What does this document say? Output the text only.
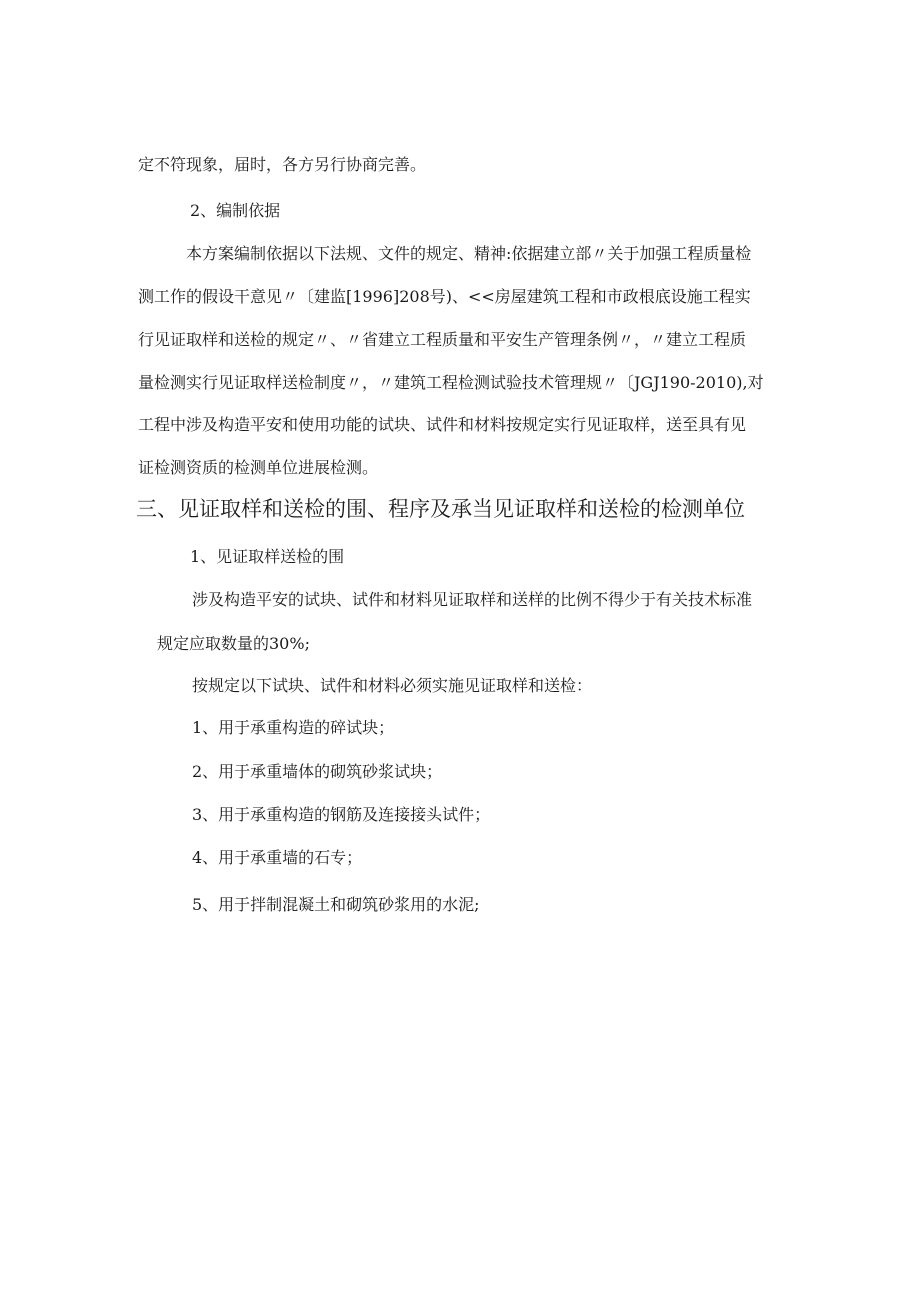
定不符现象，届时，各方另行协商完善。
2、编制依据
本方案编制依据以下法规、文件的规定、精神:依据建立部〃关于加强工程质量检
测工作的假设干意见〃〔建监[1996]208号)、<<房屋建筑工程和市政根底设施工程实
行见证取样和送检的规定〃、〃省建立工程质量和平安生产管理条例〃，〃建立工程质
量检测实行见证取样送检制度〃，〃建筑工程检测试验技术管理规〃〔JGJ190-2010),对
工程中涉及构造平安和使用功能的试块、试件和材料按规定实行见证取样，送至具有见
证检测资质的检测单位进展检测。
三、见证取样和送检的围、程序及承当见证取样和送检的检测单位
1、见证取样送检的围
涉及构造平安的试块、试件和材料见证取样和送样的比例不得少于有关技术标准
规定应取数量的30%;
按规定以下试块、试件和材料必须实施见证取样和送检：
1、用于承重构造的碎试块；
2、用于承重墙体的砌筑砂浆试块；
3、用于承重构造的钢筋及连接接头试件；
4、用于承重墙的石专；
5、用于拌制混凝土和砌筑砂浆用的水泥;
